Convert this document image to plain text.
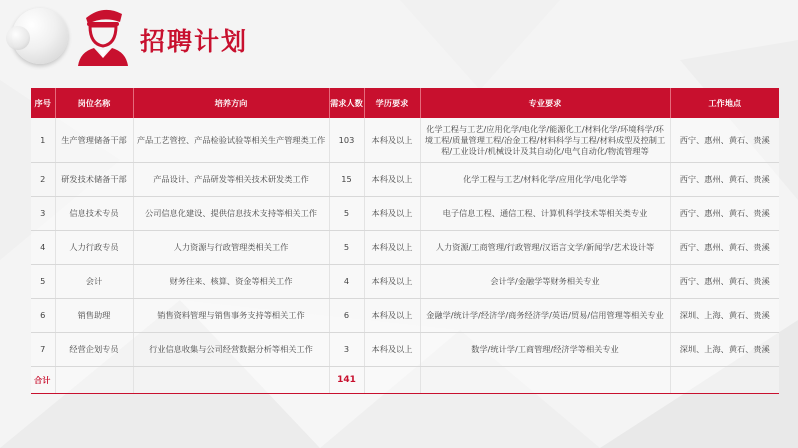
招聘计划
序号	岗位名称	培养方向	需求人数	学历要求	专业要求	工作地点
1	生产管理储备干部	产品工艺管控、产品检验试验等相关生产管理类工作	103	本科及以上	化学工程与工艺/应用化学/电化学/能源化工/材料化学/环境科学/环境工程/质量管理工程/冶金工程/材料科学与工程/材料成型及控制工程/工业设计/机械设计及其自动化/电气自动化/物流管理等	西宁、惠州、黄石、贵溪
2	研发技术储备干部	产品设计、产品研发等相关技术研发类工作	15	本科及以上	化学工程与工艺/材料化学/应用化学/电化学等	西宁、惠州、黄石、贵溪
3	信息技术专员	公司信息化建设、提供信息技术支持等相关工作	5	本科及以上	电子信息工程、通信工程、计算机科学技术等相关类专业	西宁、惠州、黄石、贵溪
4	人力行政专员	人力资源与行政管理类相关工作	5	本科及以上	人力资源/工商管理/行政管理/汉语言文学/新闻学/艺术设计等	西宁、惠州、黄石、贵溪
5	会计	财务往来、核算、资金等相关工作	4	本科及以上	会计学/金融学等财务相关专业	西宁、惠州、黄石、贵溪
6	销售助理	销售资料管理与销售事务支持等相关工作	6	本科及以上	金融学/统计学/经济学/商务经济学/英语/贸易/信用管理等相关专业	深圳、上海、黄石、贵溪
7	经营企划专员	行业信息收集与公司经营数据分析等相关工作	3	本科及以上	数学/统计学/工商管理/经济学等相关专业	深圳、上海、黄石、贵溪
合计			141			
